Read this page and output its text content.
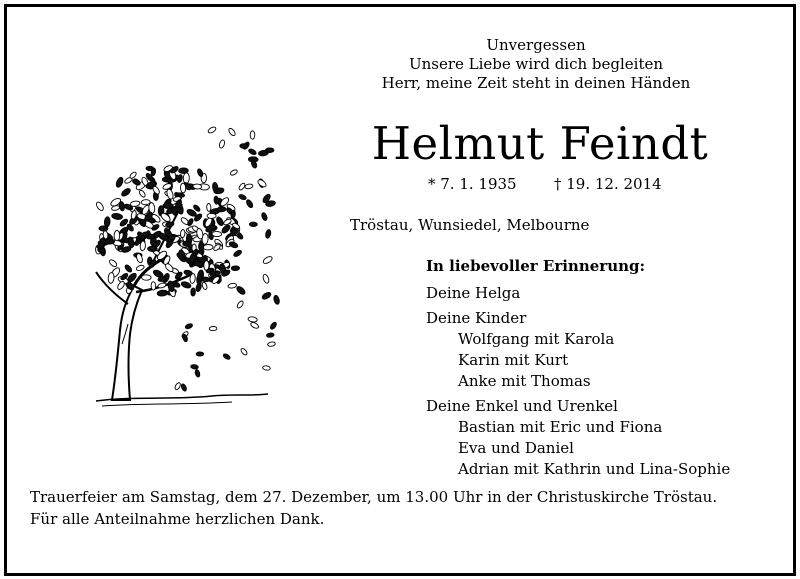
Unvergessen
Unsere Liebe wird dich begleiten
Herr, meine Zeit steht in deinen Händen
Helmut Feindt
* 7. 1. 1935 † 19. 12. 2014
Tröstau, Wunsiedel, Melbourne
In liebevoller Erinnerung:
Deine Helga
Deine Kinder
Wolfgang mit Karola
Karin mit Kurt
Anke mit Thomas
Deine Enkel und Urenkel
Bastian mit Eric und Fiona
Eva und Daniel
Adrian mit Kathrin und Lina-Sophie
Trauerfeier am Samstag, dem 27. Dezember, um 13.00 Uhr in der Christuskirche Tröstau.
Für alle Anteilnahme herzlichen Dank.
